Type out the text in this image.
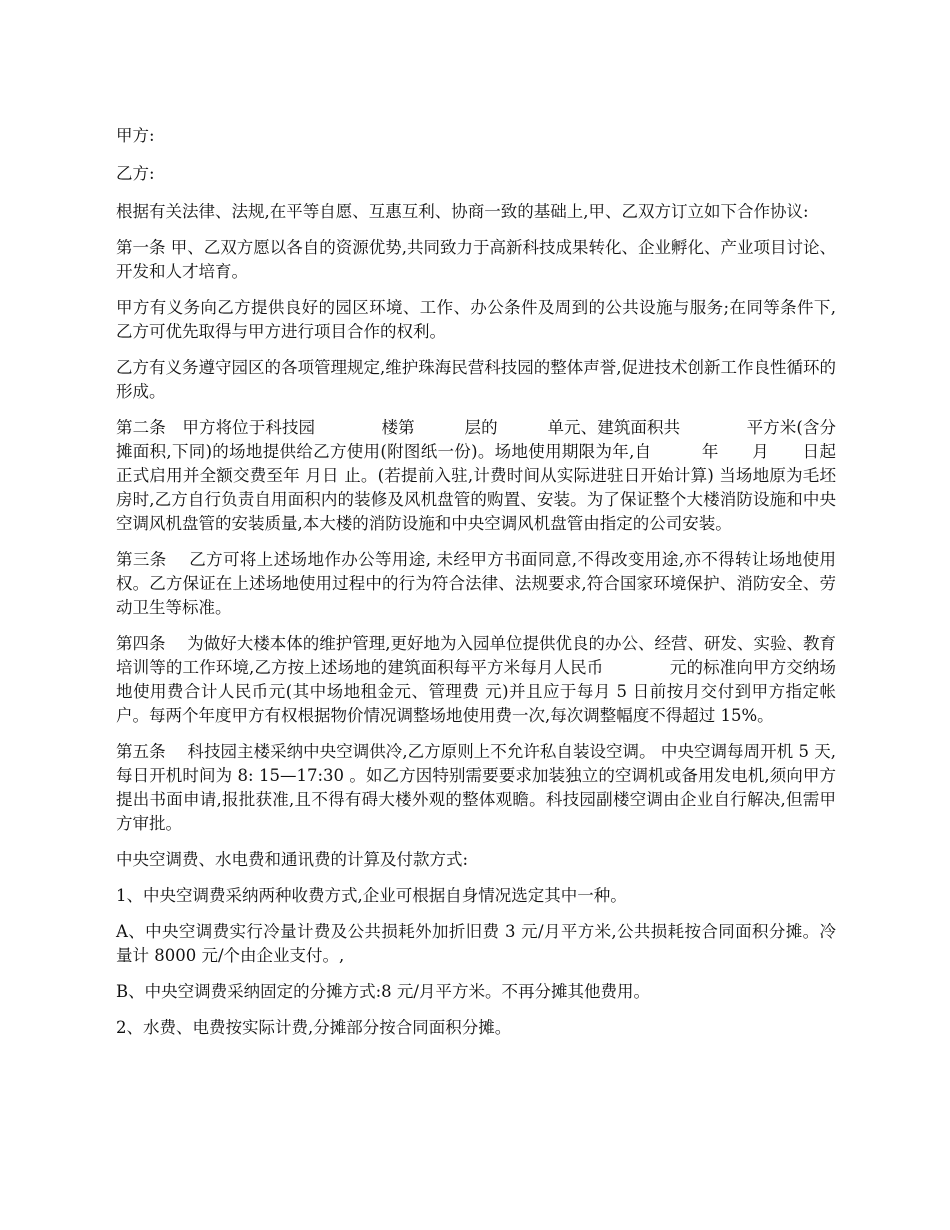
甲方:

乙方:

根据有关法律、法规,在平等自愿、互惠互利、协商一致的基础上,甲、乙双方订立如下合作协议:

第一条 甲、乙双方愿以各自的资源优势,共同致力于高新科技成果转化、企业孵化、产业项目讨论、开发和人才培育。

甲方有义务向乙方提供良好的园区环境、工作、办公条件及周到的公共设施与服务;在同等条件下,乙方可优先取得与甲方进行项目合作的权利。

乙方有义务遵守园区的各项管理规定,维护珠海民营科技园的整体声誉,促进技术创新工作良性循环的形成。

第二条　甲方将位于科技园　　　　楼第　　　层的　　　单元、建筑面积共　　　　平方米(含分摊面积,下同)的场地提供给乙方使用(附图纸一份)。场地使用期限为年,自　　　年　　月　　日起正式启用并全额交费至年 月日 止。(若提前入驻,计费时间从实际进驻日开始计算) 当场地原为毛坯房时,乙方自行负责自用面积内的装修及风机盘管的购置、安装。为了保证整个大楼消防设施和中央空调风机盘管的安装质量,本大楼的消防设施和中央空调风机盘管由指定的公司安装。

第三条　 乙方可将上述场地作办公等用途, 未经甲方书面同意,不得改变用途,亦不得转让场地使用权。乙方保证在上述场地使用过程中的行为符合法律、法规要求,符合国家环境保护、消防安全、劳动卫生等标准。

第四条　 为做好大楼本体的维护管理,更好地为入园单位提供优良的办公、经营、研发、实验、教育培训等的工作环境,乙方按上述场地的建筑面积每平方米每月人民币　　　　元的标准向甲方交纳场地使用费合计人民币元(其中场地租金元、管理费 元)并且应于每月 5 日前按月交付到甲方指定帐户。每两个年度甲方有权根据物价情况调整场地使用费一次,每次调整幅度不得超过 15%。

第五条　 科技园主楼采纳中央空调供冷,乙方原则上不允许私自装设空调。 中央空调每周开机 5 天,每日开机时间为 8: 15—17:30 。如乙方因特别需要要求加装独立的空调机或备用发电机,须向甲方提出书面申请,报批获准,且不得有碍大楼外观的整体观瞻。科技园副楼空调由企业自行解决,但需甲方审批。

中央空调费、水电费和通讯费的计算及付款方式:

1、中央空调费采纳两种收费方式,企业可根据自身情况选定其中一种。

A、中央空调费实行冷量计费及公共损耗外加折旧费 3 元/月平方米,公共损耗按合同面积分摊。冷量计 8000 元/个由企业支付。,

B、中央空调费采纳固定的分摊方式:8 元/月平方米。不再分摊其他费用。

2、水费、电费按实际计费,分摊部分按合同面积分摊。
